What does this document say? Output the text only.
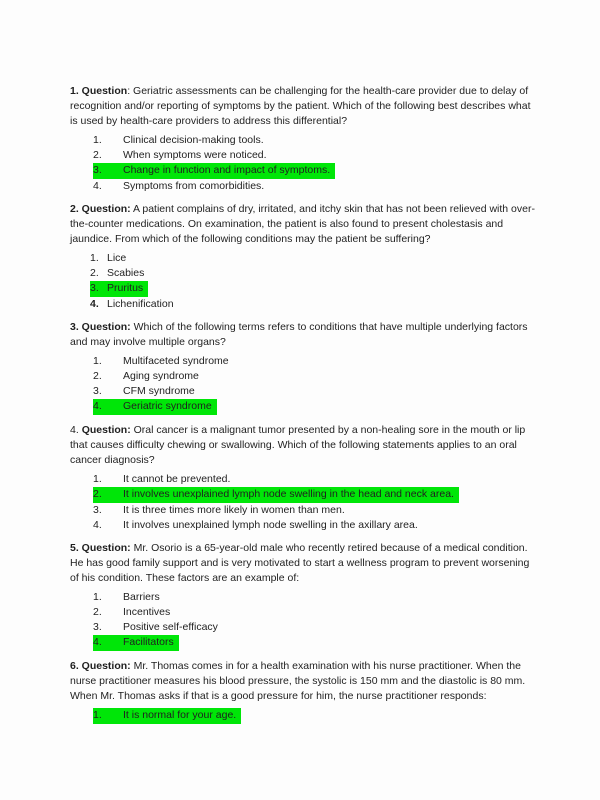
1. Question: Geriatric assessments can be challenging for the health-care provider due to delay of recognition and/or reporting of symptoms by the patient. Which of the following best describes what is used by health-care providers to address this differential?

1.	Clinical decision-making tools.
2.	When symptoms were noticed.
3.	Change in function and impact of symptoms.
4.	Symptoms from comorbidities.

2. Question: A patient complains of dry, irritated, and itchy skin that has not been relieved with over-the-counter medications. On examination, the patient is also found to present cholestasis and jaundice. From which of the following conditions may the patient be suffering?

1. Lice
2. Scabies
3. Pruritus
4. Lichenification

3. Question: Which of the following terms refers to conditions that have multiple underlying factors and may involve multiple organs?

1.	Multifaceted syndrome
2.	Aging syndrome
3.	CFM syndrome
4.	Geriatric syndrome

4. Question: Oral cancer is a malignant tumor presented by a non-healing sore in the mouth or lip that causes difficulty chewing or swallowing. Which of the following statements applies to an oral cancer diagnosis?

1.	It cannot be prevented.
2.	It involves unexplained lymph node swelling in the head and neck area.
3.	It is three times more likely in women than men.
4.	It involves unexplained lymph node swelling in the axillary area.

5. Question: Mr. Osorio is a 65-year-old male who recently retired because of a medical condition. He has good family support and is very motivated to start a wellness program to prevent worsening of his condition. These factors are an example of:

1.	Barriers
2.	Incentives
3.	Positive self-efficacy
4.	Facilitators

6. Question: Mr. Thomas comes in for a health examination with his nurse practitioner. When the nurse practitioner measures his blood pressure, the systolic is 150 mm and the diastolic is 80 mm. When Mr. Thomas asks if that is a good pressure for him, the nurse practitioner responds:

1.	It is normal for your age.
